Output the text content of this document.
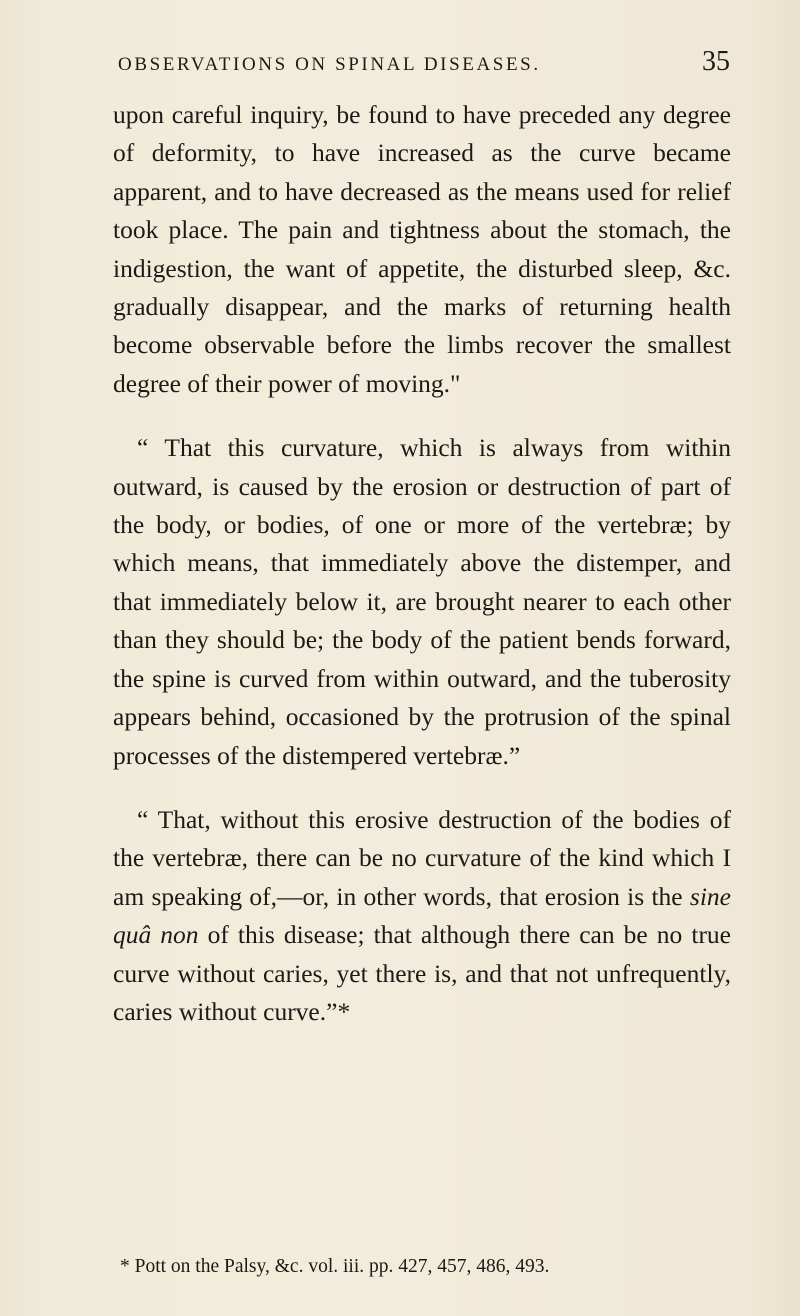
OBSERVATIONS ON SPINAL DISEASES.	35

upon careful inquiry, be found to have preceded any degree of deformity, to have increased as the curve became apparent, and to have decreased as the means used for relief took place. The pain and tightness about the stomach, the indigestion, the want of appetite, the disturbed sleep, &c. gradually disappear, and the marks of returning health become observable before the limbs recover the smallest degree of their power of moving."

“ That this curvature, which is always from within outward, is caused by the erosion or destruction of part of the body, or bodies, of one or more of the vertebræ; by which means, that immediately above the distemper, and that immediately below it, are brought nearer to each other than they should be; the body of the patient bends forward, the spine is curved from within outward, and the tuberosity appears behind, occasioned by the protrusion of the spinal processes of the distempered vertebræ.”

“ That, without this erosive destruction of the bodies of the vertebræ, there can be no curvature of the kind which I am speaking of,—or, in other words, that erosion is the sine quâ non of this disease; that although there can be no true curve without caries, yet there is, and that not unfrequently, caries without curve.”*

* Pott on the Palsy, &c. vol. iii. pp. 427, 457, 486, 493.
